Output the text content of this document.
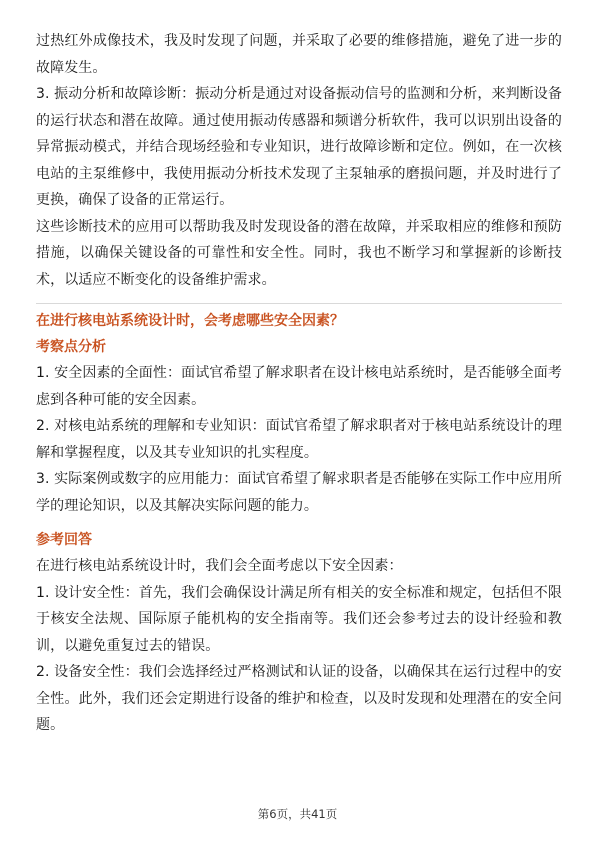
过热红外成像技术，我及时发现了问题，并采取了必要的维修措施，避免了进一步的故障发生。

3. 振动分析和故障诊断：振动分析是通过对设备振动信号的监测和分析，来判断设备的运行状态和潜在故障。通过使用振动传感器和频谱分析软件，我可以识别出设备的异常振动模式，并结合现场经验和专业知识，进行故障诊断和定位。例如，在一次核电站的主泵维修中，我使用振动分析技术发现了主泵轴承的磨损问题，并及时进行了更换，确保了设备的正常运行。

这些诊断技术的应用可以帮助我及时发现设备的潜在故障，并采取相应的维修和预防措施，以确保关键设备的可靠性和安全性。同时，我也不断学习和掌握新的诊断技术，以适应不断变化的设备维护需求。

在进行核电站系统设计时，会考虑哪些安全因素？

考察点分析

1. 安全因素的全面性：面试官希望了解求职者在设计核电站系统时，是否能够全面考虑到各种可能的安全因素。

2. 对核电站系统的理解和专业知识：面试官希望了解求职者对于核电站系统设计的理解和掌握程度，以及其专业知识的扎实程度。

3. 实际案例或数字的应用能力：面试官希望了解求职者是否能够在实际工作中应用所学的理论知识，以及其解决实际问题的能力。

参考回答

在进行核电站系统设计时，我们会全面考虑以下安全因素：

1. 设计安全性：首先，我们会确保设计满足所有相关的安全标准和规定，包括但不限于核安全法规、国际原子能机构的安全指南等。我们还会参考过去的设计经验和教训，以避免重复过去的错误。

2. 设备安全性：我们会选择经过严格测试和认证的设备，以确保其在运行过程中的安全性。此外，我们还会定期进行设备的维护和检查，以及时发现和处理潜在的安全问题。

第6页，共41页
